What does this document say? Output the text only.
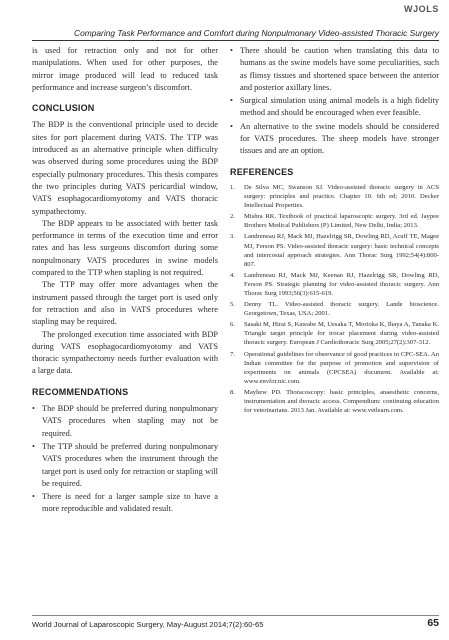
WJOLS
Comparing Task Performance and Comfort during Nonpulmonary Video-assisted Thoracic Surgery

is used for retraction only and not for other manipulations. When used for other purposes, the mirror image produced will lead to reduced task performance and increase surgeon’s discomfort.

CONCLUSION

The BDP is the conventional principle used to decide sites for port placement during VATS. The TTP was introduced as an alternative principle when difficulty was observed during some procedures using the BDP especially pulmonary procedures. This thesis compares the two principles during VATS pericardial window, VATS esophagocardiomyotomy and VATS thoracic sympathectomy.

The BDP appears to be associated with better task performance in terms of the execution time and error rates and has less surgeons discomfort during some nonpulmonary VATS procedures in swine models compared to the TTP when stapling is not required.

The TTP may offer more advantages when the instrument passed through the target port is used only for retraction and also in VATS procedures where stapling may be required.

The prolonged execution time associated with BDP during VATS esophagocardiomyotomy and VATS thoracic sympathectomy needs further evaluation with a large data.

RECOMMENDATIONS
• The BDP should be preferred during nonpulmonary VATS procedures when stapling may not be required.
• The TTP should be preferred during nonpulmonary VATS procedures when the instrument through the target port is used only for retraction or stapling will be required.
• There is need for a larger sample size to have a more reproducible and validated result.
• There should be caution when translating this data to humans as the swine models have some peculiarities, such as flimsy tissues and shortened space between the anterior and posterior axillary lines.
• Surgical simulation using animal models is a high fidelity method and should be encouraged when ever feasible.
• An alternative to the swine models should be considered for VATS procedures. The sheep models have stronger tissues and are an option.
REFERENCES
1. De Silva MC, Swanson SJ. Video-assisted thoracic surgery in ACS surgery: principles and practice. Chapter 10. 6th ed; 2010. Decker Intellectual Properties.
2. Mishra RK. Textbook of practical laparoscopic surgery. 3rd ed. Jaypee Brothers Medical Publishers (P) Limited, New Delhi, India; 2013.
3. Landreneau RJ, Mack MJ, Hazelrigg SR, Dowling RD, Acuff TE, Magee MJ, Ferson PS. Video-assisted thoracic surgery: basic technical concepts and intercostal approach strategies. Ann Thorac Surg 1992;54(4):800-807.
4. Landreneau RJ, Mack MJ, Keenan RJ, Hazelrigg SR, Dowling RD, Ferson PS. Strategic planning for video-assisted thoracic surgery. Ann Thorac Surg 1993;56(3):615-619.
5. Denny TL. Video-assisted thoracic surgery. Lande bioscience. Georgetown, Texas, USA; 2001.
6. Sasaki M, Hirai S, Kawabe M, Uesaka T, Morioka K, Ihaya A, Tanaka K. Triangle target principle for trocar placement during video-assisted thoracic surgery. European J Cardiothoracic Surg 2005;27(2):307-312.
7. Operational guidelines for observance of good practices in CPC-SEA. An Indian committee for the purpose of promotion and supervision of experiments on animals (CPCSEA) document. Available at: www.envfor.nic.com.
8. Mayhew PD. Thoracoscopy: basic principles, anaesthetic concerns, instrumentation and thoracic access. Compendium: continuing education for veterinarians. 2013 Jan. Available at: www.vetlearn.com.
World Journal of Laparoscopic Surgery, May-August 2014;7(2):60-65	65
